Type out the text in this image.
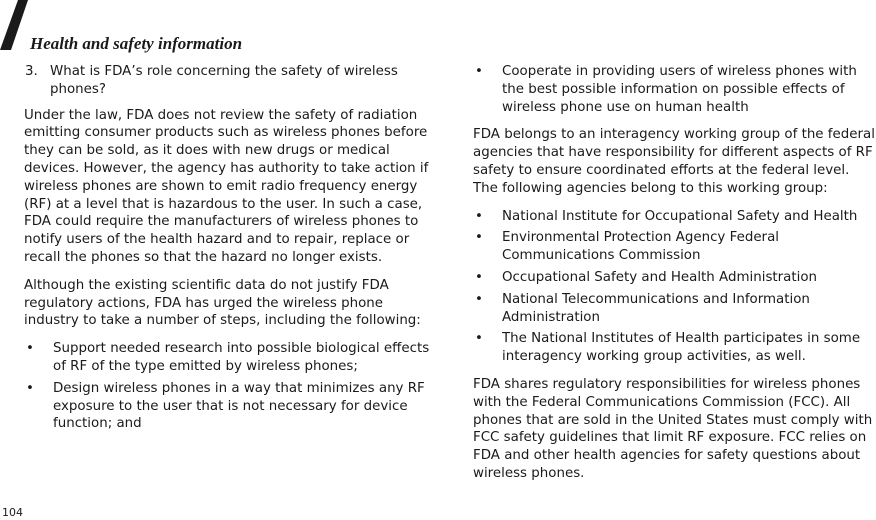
Health and safety information
3. What is FDA’s role concerning the safety of wireless phones?

Under the law, FDA does not review the safety of radiation emitting consumer products such as wireless phones before they can be sold, as it does with new drugs or medical devices. However, the agency has authority to take action if wireless phones are shown to emit radio frequency energy (RF) at a level that is hazardous to the user. In such a case, FDA could require the manufacturers of wireless phones to notify users of the health hazard and to repair, replace or recall the phones so that the hazard no longer exists.

Although the existing scientific data do not justify FDA regulatory actions, FDA has urged the wireless phone industry to take a number of steps, including the following:

•	Support needed research into possible biological effects of RF of the type emitted by wireless phones;
•	Design wireless phones in a way that minimizes any RF exposure to the user that is not necessary for device function; and
•	Cooperate in providing users of wireless phones with the best possible information on possible effects of wireless phone use on human health

FDA belongs to an interagency working group of the federal agencies that have responsibility for different aspects of RF safety to ensure coordinated efforts at the federal level. The following agencies belong to this working group:

•	National Institute for Occupational Safety and Health
•	Environmental Protection Agency Federal Communications Commission
•	Occupational Safety and Health Administration
•	National Telecommunications and Information Administration
•	The National Institutes of Health participates in some interagency working group activities, as well.

FDA shares regulatory responsibilities for wireless phones with the Federal Communications Commission (FCC). All phones that are sold in the United States must comply with FCC safety guidelines that limit RF exposure. FCC relies on FDA and other health agencies for safety questions about wireless phones.

104
